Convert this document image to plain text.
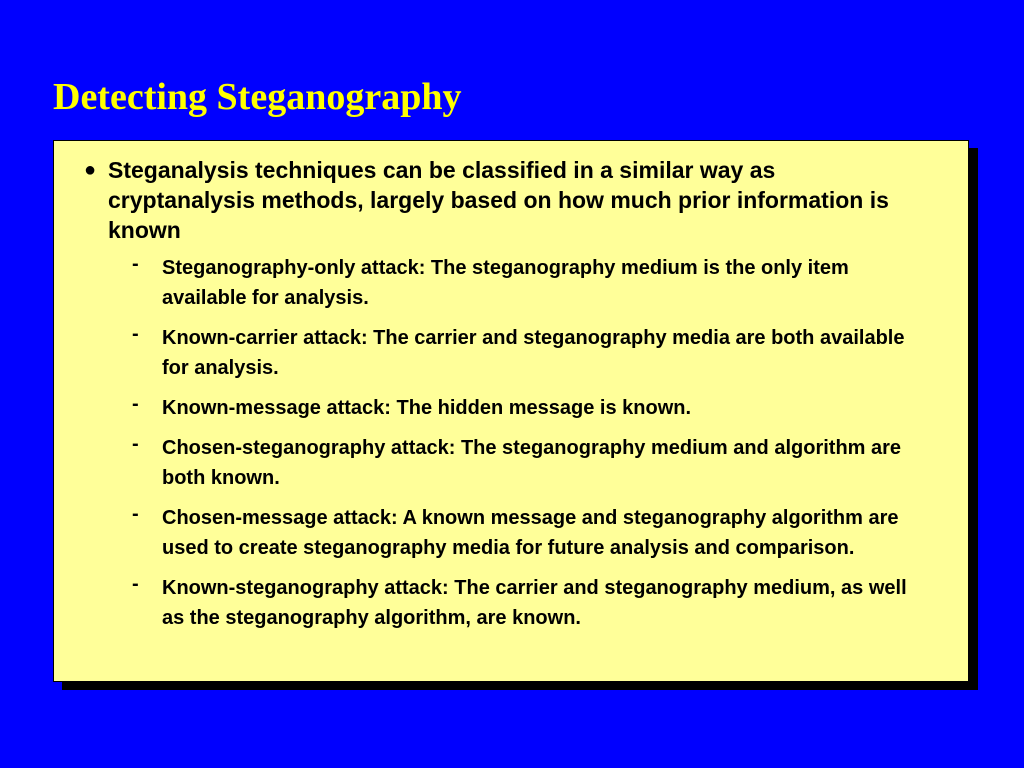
Detecting Steganography
● Steganalysis techniques can be classified in a similar way as cryptanalysis methods, largely based on how much prior information is known
- Steganography-only attack: The steganography medium is the only item available for analysis.
- Known-carrier attack: The carrier and steganography media are both available for analysis.
- Known-message attack: The hidden message is known.
- Chosen-steganography attack: The steganography medium and algorithm are both known.
- Chosen-message attack: A known message and steganography algorithm are used to create steganography media for future analysis and comparison.
- Known-steganography attack: The carrier and steganography medium, as well as the steganography algorithm, are known.
